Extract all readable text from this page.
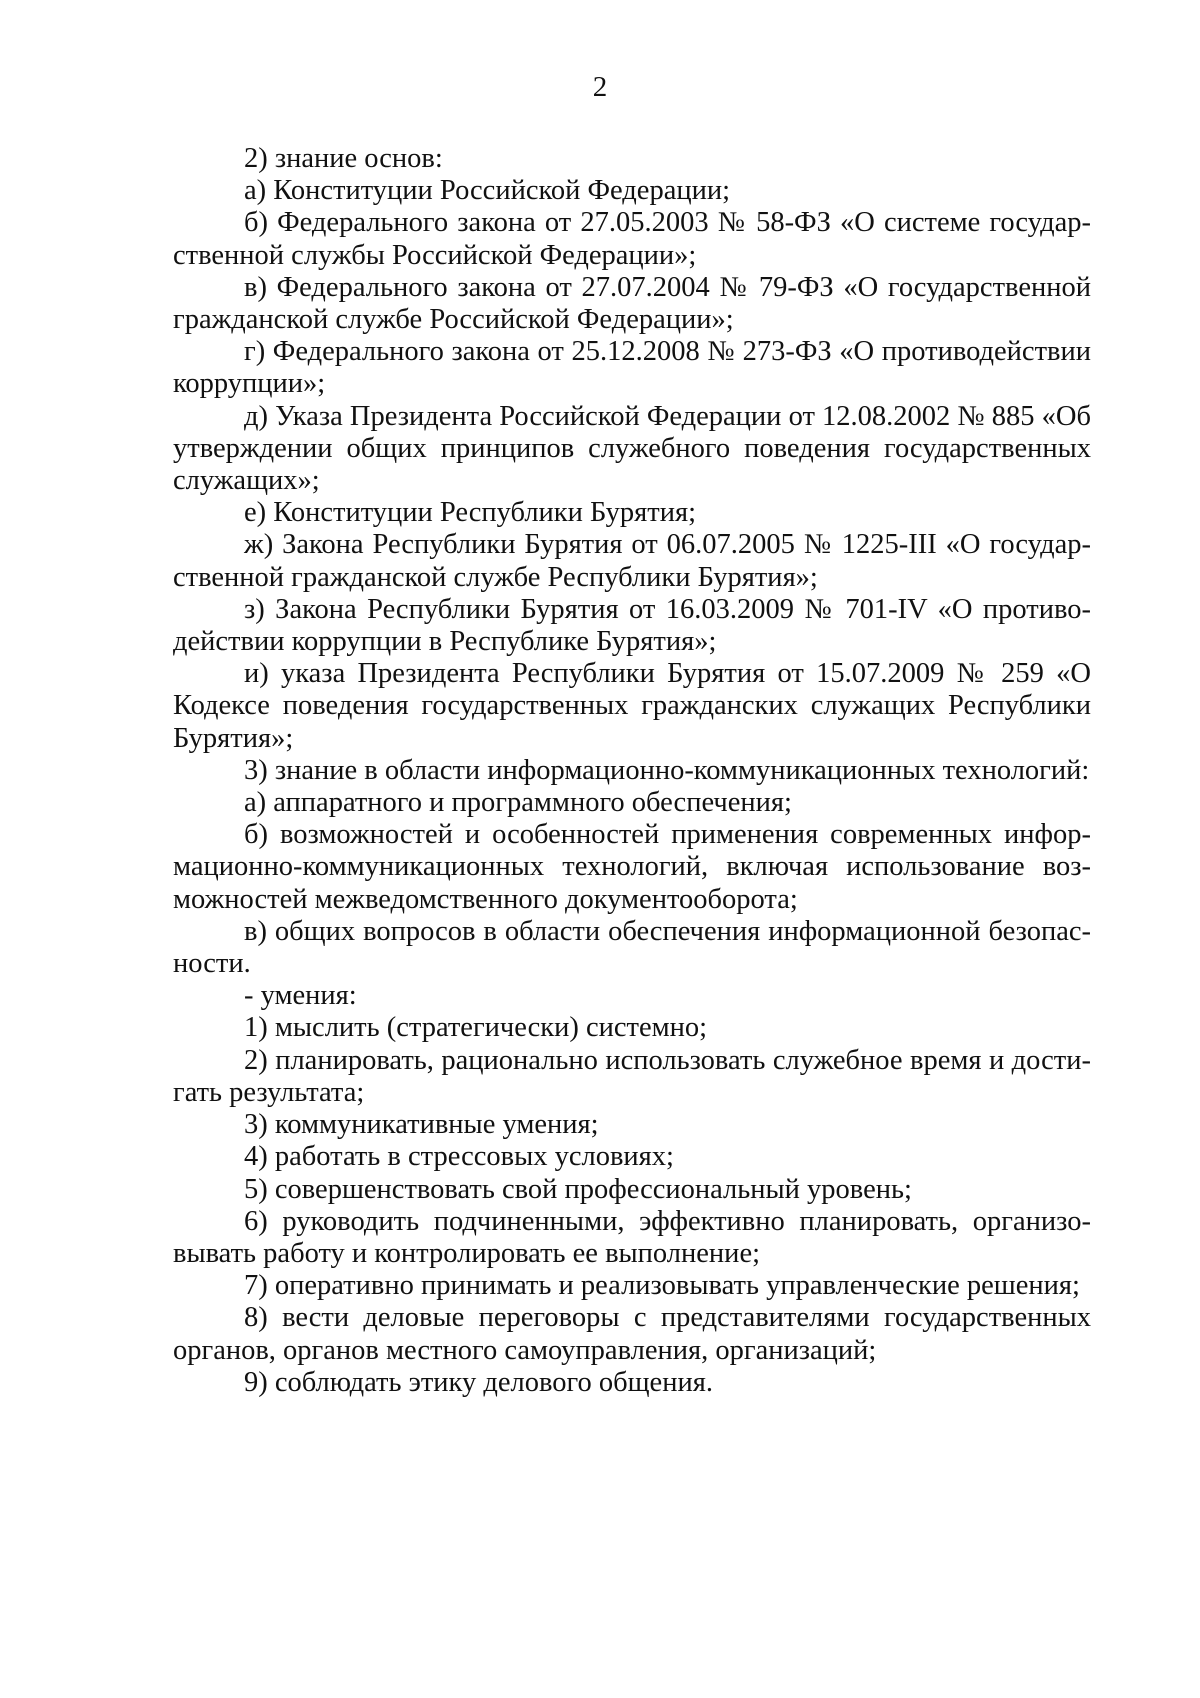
2

2) знание основ:

а) Конституции Российской Федерации;

б) Федерального закона от 27.05.2003 № 58-ФЗ «О системе государственной службы Российской Федерации»;

в) Федерального закона от 27.07.2004 № 79-ФЗ «О государственной гражданской службе Российской Федерации»;

г) Федерального закона от 25.12.2008 № 273-ФЗ «О противодействии коррупции»;

д) Указа Президента Российской Федерации от 12.08.2002 № 885 «Об утверждении общих принципов служебного поведения государственных служащих»;

е) Конституции Республики Бурятия;

ж) Закона Республики Бурятия от 06.07.2005 № 1225-III «О государственной гражданской службе Республики Бурятия»;

з) Закона Республики Бурятия от 16.03.2009 № 701-IV «О противодействии коррупции в Республике Бурятия»;

и) указа Президента Республики Бурятия от 15.07.2009 № 259 «О Кодексе поведения государственных гражданских служащих Республики Бурятия»;

3) знание в области информационно-коммуникационных технологий:

а) аппаратного и программного обеспечения;

б) возможностей и особенностей применения современных информационно-коммуникационных технологий, включая использование возможностей межведомственного документооборота;

в) общих вопросов в области обеспечения информационной безопасности.

- умения:

1) мыслить (стратегически) системно;

2) планировать, рационально использовать служебное время и достигать результата;

3) коммуникативные умения;

4) работать в стрессовых условиях;

5) совершенствовать свой профессиональный уровень;

6) руководить подчиненными, эффективно планировать, организовывать работу и контролировать ее выполнение;

7) оперативно принимать и реализовывать управленческие решения;

8) вести деловые переговоры с представителями государственных органов, органов местного самоуправления, организаций;

9) соблюдать этику делового общения.
